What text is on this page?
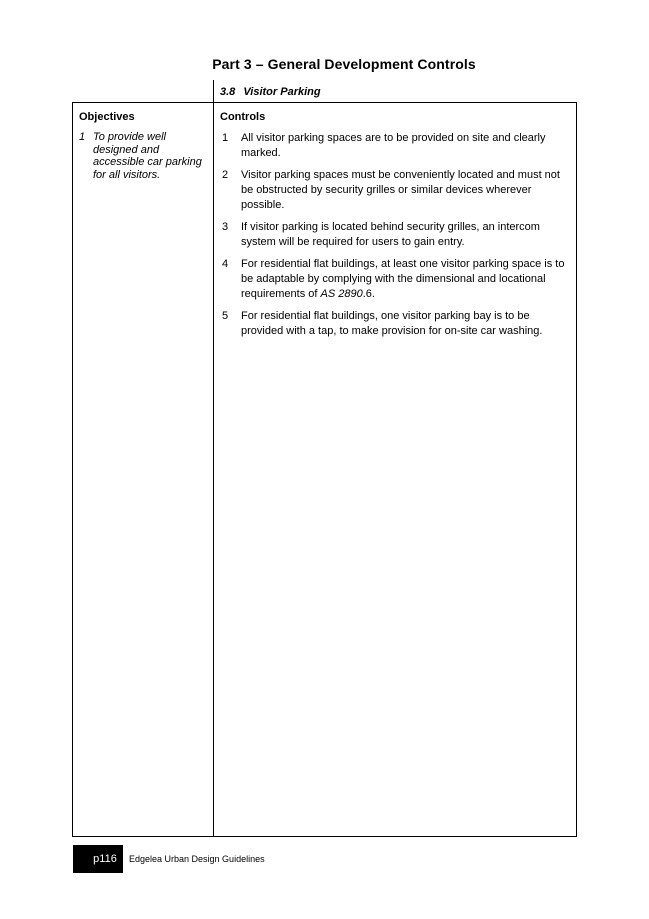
Part 3 – General Development Controls
3.8 Visitor Parking
Objectives
1 To provide well
designed and
accessible car parking
for all visitors.
Controls
1	All visitor parking spaces are to be provided on site and clearly marked.
2	Visitor parking spaces must be conveniently located and must not be obstructed by security grilles or similar devices wherever possible.
3	If visitor parking is located behind security grilles, an intercom system will be required for users to gain entry.
4	For residential flat buildings, at least one visitor parking space is to be adaptable by complying with the dimensional and locational requirements of AS 2890.6.
5	For residential flat buildings, one visitor parking bay is to be provided with a tap, to make provision for on-site car washing.
p116 Edgelea Urban Design Guidelines
